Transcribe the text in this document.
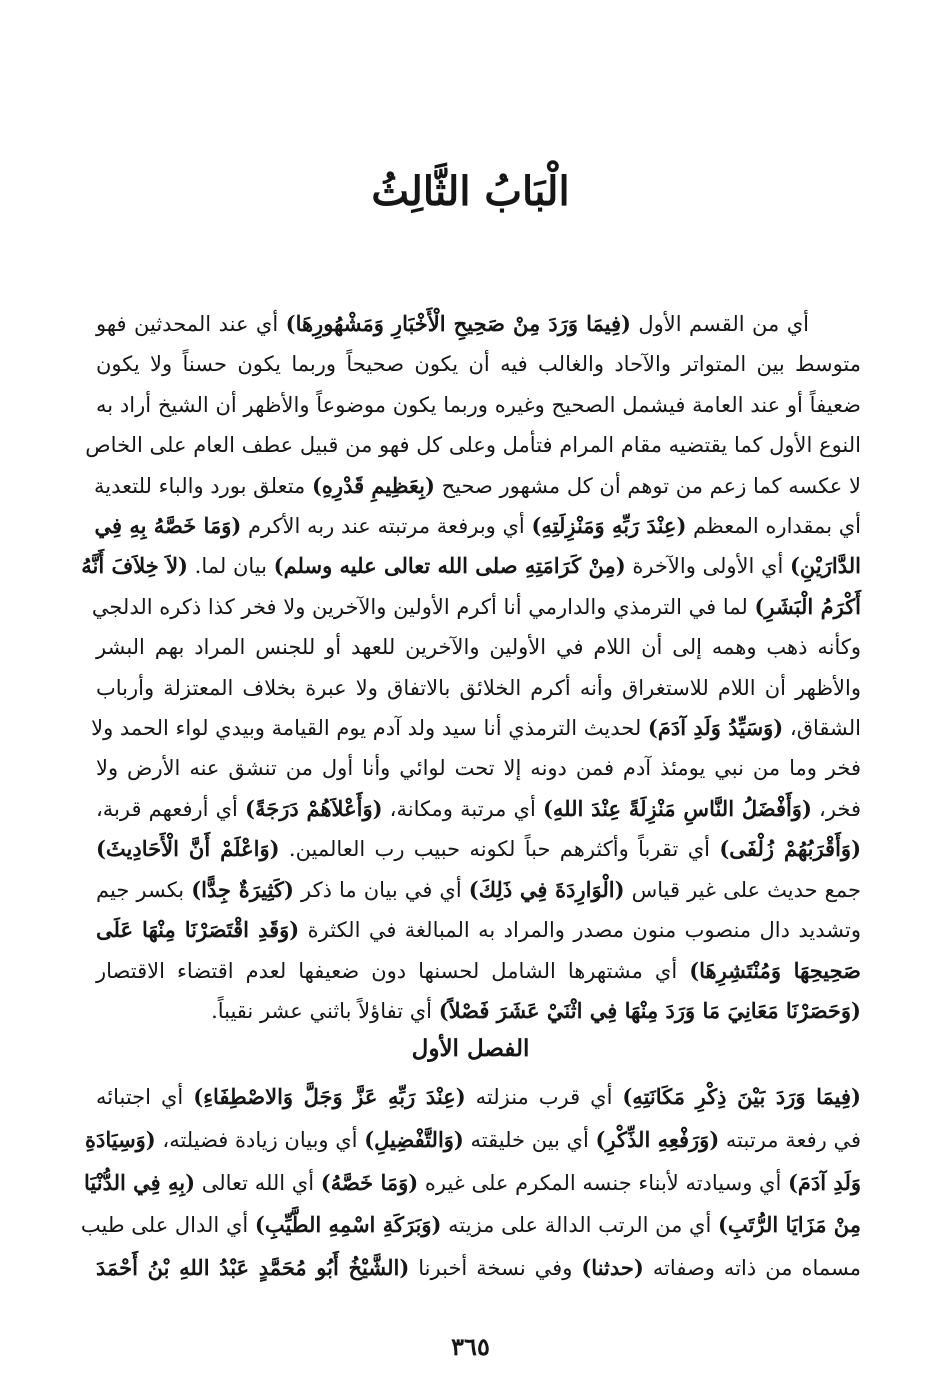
الْبَابُ الثَّالِثُ
أي من القسم الأول (فِيمَا وَرَدَ مِنْ صَحِيحِ الْأَخْبَارِ وَمَشْهُورِهَا) أي عند المحدثين فهو
متوسط بين المتواتر والآحاد والغالب فيه أن يكون صحيحاً وربما يكون حسناً ولا يكون
ضعيفاً أو عند العامة فيشمل الصحيح وغيره وربما يكون موضوعاً والأظهر أن الشيخ أراد به
النوع الأول كما يقتضيه مقام المرام فتأمل وعلى كل فهو من قبيل عطف العام على الخاص
لا عكسه كما زعم من توهم أن كل مشهور صحيح (بِعَظِيمِ قَدْرِهِ) متعلق بورد والباء للتعدية
أي بمقداره المعظم (عِنْدَ رَبِّهِ وَمَنْزِلَتِهِ) أي وبرفعة مرتبته عند ربه الأكرم (وَمَا خَصَّهُ بِهِ فِي
الدَّارَيْنِ) أي الأولى والآخرة (مِنْ كَرَامَتِهِ صلى الله تعالى عليه وسلم) بيان لما. (لاَ خِلاَفَ أَنَّهُ
أَكْرَمُ الْبَشَرِ) لما في الترمذي والدارمي أنا أكرم الأولين والآخرين ولا فخر كذا ذكره الدلجي
وكأنه ذهب وهمه إلى أن اللام في الأولين والآخرين للعهد أو للجنس المراد بهم البشر
والأظهر أن اللام للاستغراق وأنه أكرم الخلائق بالاتفاق ولا عبرة بخلاف المعتزلة وأرباب
الشقاق، (وَسَيِّدُ وَلَدِ آدَمَ) لحديث الترمذي أنا سيد ولد آدم يوم القيامة وبيدي لواء الحمد ولا
فخر وما من نبي يومئذ آدم فمن دونه إلا تحت لوائي وأنا أول من تنشق عنه الأرض ولا
فخر، (وَأَفْضَلُ النَّاسِ مَنْزِلَةً عِنْدَ اللهِ) أي مرتبة ومكانة، (وَأَعْلاَهُمْ دَرَجَةً) أي أرفعهم قربة،
(وَأَقْرَبُهُمْ زُلْفَى) أي تقرباً وأكثرهم حباً لكونه حبيب رب العالمين. (وَاعْلَمْ أَنَّ الْأَحَادِيثَ)
جمع حديث على غير قياس (الْوَارِدَةَ فِي ذَلِكَ) أي في بيان ما ذكر (كَثِيرَةٌ جِدًّا) بكسر جيم
وتشديد دال منصوب منون مصدر والمراد به المبالغة في الكثرة (وَقَدِ اقْتَصَرْنَا مِنْهَا عَلَى
صَحِيحِهَا وَمُنْتَشِرِهَا) أي مشتهرها الشامل لحسنها دون ضعيفها لعدم اقتضاء الاقتصار
(وَحَصَرْنَا مَعَانِيَ مَا وَرَدَ مِنْهَا فِي اثْنَيْ عَشَرَ فَصْلاً) أي تفاؤلاً باثني عشر نقيباً.
الفصل الأول
(فِيمَا وَرَدَ بَيْنَ ذِكْرِ مَكَانَتِهِ) أي قرب منزلته (عِنْدَ رَبِّهِ عَزَّ وَجَلَّ وَالاصْطِفَاءِ) أي اجتبائه
في رفعة مرتبته (وَرَفْعِهِ الذِّكْرِ) أي بين خليقته (وَالتَّفْضِيلِ) أي وبيان زيادة فضيلته، (وَسِيَادَةِ
وَلَدِ آدَمَ) أي وسيادته لأبناء جنسه المكرم على غيره (وَمَا خَصَّهُ) أي الله تعالى (بِهِ فِي الدُّنْيَا
مِنْ مَزَايَا الرُّتَبِ) أي من الرتب الدالة على مزيته (وَبَرَكَةِ اسْمِهِ الطَّيِّبِ) أي الدال على طيب
مسماه من ذاته وصفاته (حدثنا) وفي نسخة أخبرنا (الشَّيْخُ أَبُو مُحَمَّدٍ عَبْدُ اللهِ بْنُ أَحْمَدَ
٣٦٥
